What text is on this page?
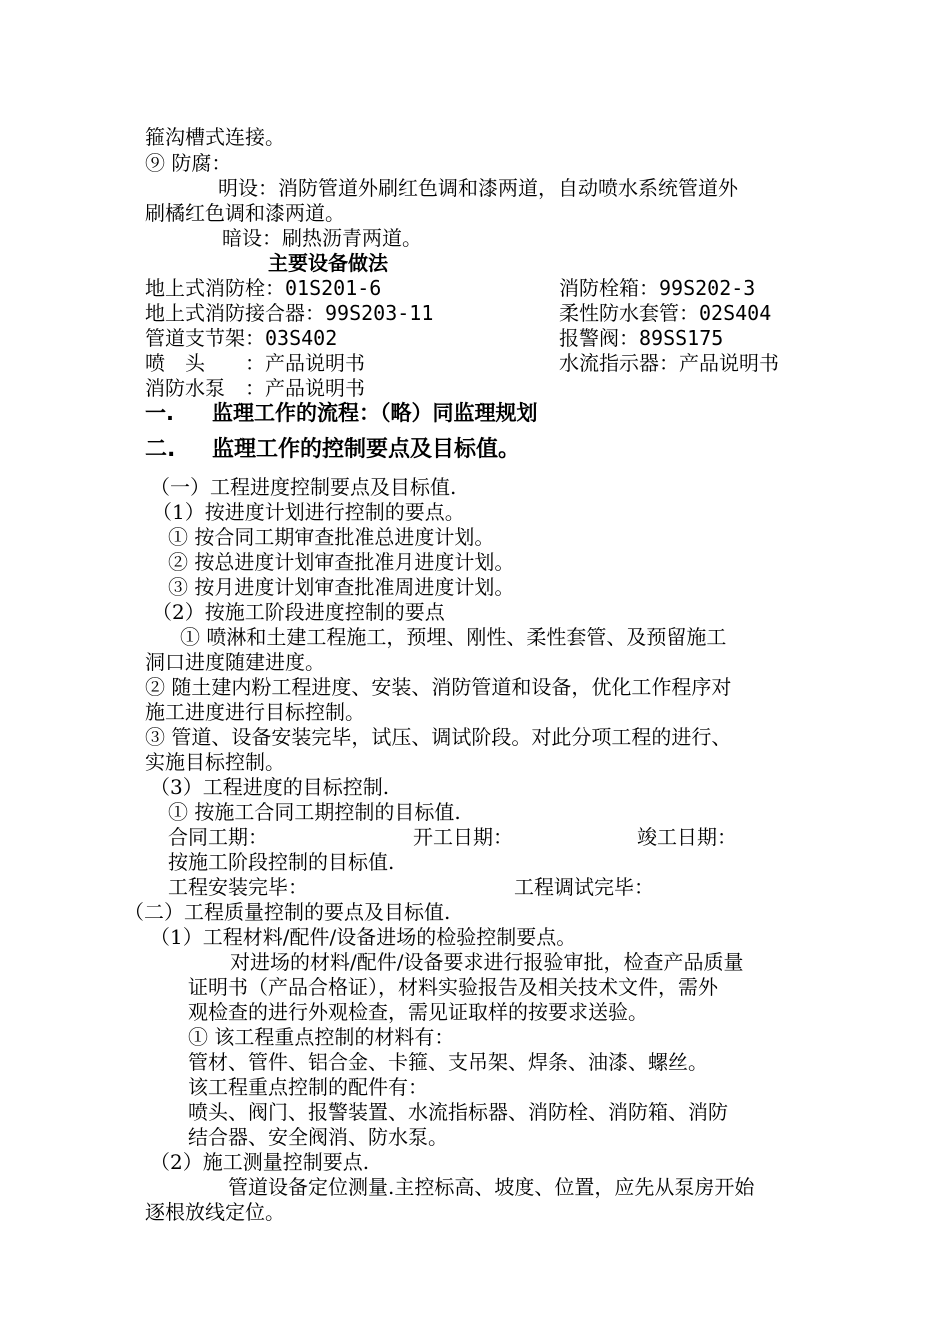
箍沟槽式连接。
⑨ 防腐：
明设：消防管道外刷红色调和漆两道，自动喷水系统管道外
刷橘红色调和漆两道。
暗设：刷热沥青两道。
主要设备做法
地上式消防栓：01S201-6	消防栓箱：99S202-3
地上式消防接合器：99S203-11	柔性防水套管：02S404
管道支节架：03S402	报警阀：89SS175
喷　头　　：产品说明书	水流指示器：产品说明书
消防水泵　：产品说明书
一. 监理工作的流程：（略）同监理规划
二. 监理工作的控制要点及目标值。
（一）工程进度控制要点及目标值.
（1）按进度计划进行控制的要点。
① 按合同工期审查批准总进度计划。
② 按总进度计划审查批准月进度计划。
③ 按月进度计划审查批准周进度计划。
（2）按施工阶段进度控制的要点
① 喷淋和土建工程施工，预埋、刚性、柔性套管、及预留施工
洞口进度随建进度。
② 随土建内粉工程进度、安装、消防管道和设备，优化工作程序对
施工进度进行目标控制。
③ 管道、设备安装完毕，试压、调试阶段。对此分项工程的进行、
实施目标控制。
（3）工程进度的目标控制.
① 按施工合同工期控制的目标值.
合同工期：	开工日期：	竣工日期：
按施工阶段控制的目标值.
工程安装完毕：	工程调试完毕：
（二）工程质量控制的要点及目标值.
（1）工程材料/配件/设备进场的检验控制要点。
对进场的材料/配件/设备要求进行报验审批，检查产品质量
证明书（产品合格证），材料实验报告及相关技术文件，需外
观检查的进行外观检查，需见证取样的按要求送验。
① 该工程重点控制的材料有：
管材、管件、铝合金、卡箍、支吊架、焊条、油漆、螺丝。
该工程重点控制的配件有：
喷头、阀门、报警装置、水流指标器、消防栓、消防箱、消防
结合器、安全阀消、防水泵。
（2）施工测量控制要点.
管道设备定位测量.主控标高、坡度、位置，应先从泵房开始
逐根放线定位。
